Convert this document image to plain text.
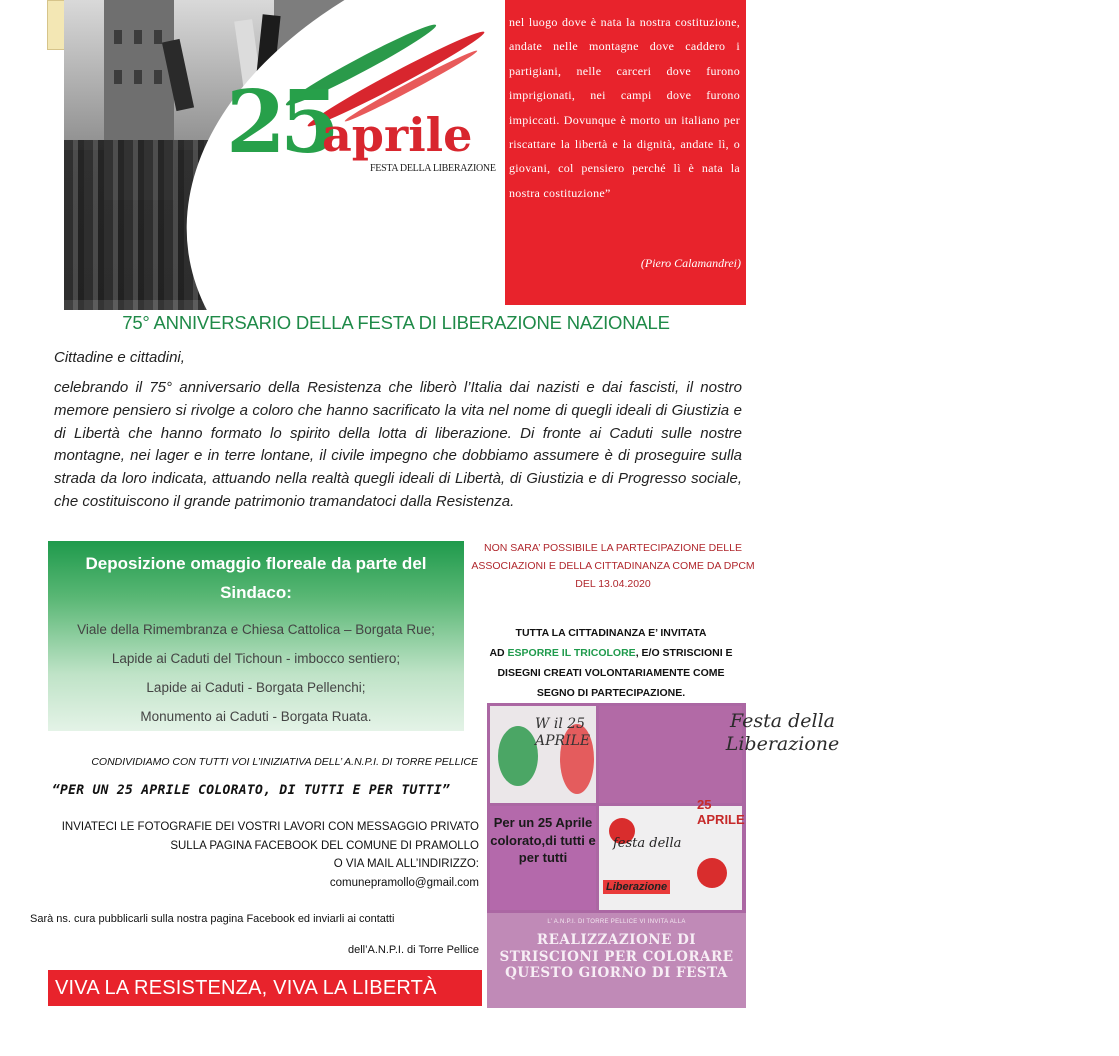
25
aprile
FESTA DELLA LIBERAZIONE
nel luogo dove è nata la nostra costituzione, andate nelle montagne dove caddero i partigiani, nelle carceri dove furono imprigionati, nei campi dove furono impiccati. Dovunque è morto un italiano per riscattare la libertà e la dignità, andate lì, o giovani, col pensiero perché lì è nata la nostra costituzione”
(Piero Calamandrei)
75° ANNIVERSARIO DELLA FESTA DI LIBERAZIONE NAZIONALE
Cittadine e cittadini,
celebrando il 75° anniversario della Resistenza che liberò l’Italia dai nazisti e dai fascisti, il nostro memore pensiero si rivolge a coloro che hanno sacrificato la vita nel nome di quegli ideali di Giustizia e di Libertà che hanno formato lo spirito della lotta di liberazione. Di fronte ai Caduti sulle nostre montagne, nei lager e in terre lontane, il civile impegno che dobbiamo assumere è di proseguire sulla strada da loro indicata, attuando nella realtà quegli ideali di Libertà, di Giustizia e di Progresso sociale, che costituiscono il grande patrimonio tramandatoci dalla Resistenza.
Deposizione omaggio floreale da parte del Sindaco:
Viale della Rimembranza e Chiesa Cattolica – Borgata Rue;
Lapide ai Caduti del Tichoun - imbocco sentiero;
Lapide ai Caduti - Borgata Pellenchi;
Monumento ai Caduti - Borgata Ruata.
NON SARA’ POSSIBILE LA PARTECIPAZIONE DELLE ASSOCIAZIONI E DELLA CITTADINANZA COME DA DPCM DEL 13.04.2020
TUTTA LA CITTADINANZA E’ INVITATA
AD ESPORRE IL TRICOLORE, E/O STRISCIONI E
DISEGNI CREATI VOLONTARIAMENTE COME
SEGNO DI PARTECIPAZIONE.
CONDIVIDIAMO CON TUTTI VOI L’INIZIATIVA DELL’ A.N.P.I. DI TORRE PELLICE
“PER UN 25 APRILE COLORATO, DI TUTTI E PER TUTTI”
INVIATECI LE FOTOGRAFIE DEI VOSTRI LAVORI CON MESSAGGIO PRIVATO
SULLA PAGINA FACEBOOK DEL COMUNE DI PRAMOLLO
O VIA MAIL ALL’INDIRIZZO:
comunepramollo@gmail.com
Sarà ns. cura pubblicarli sulla nostra pagina Facebook ed inviarli ai contatti
dell’A.N.P.I. di Torre Pellice
VIVA LA RESISTENZA, VIVA LA LIBERTÀ
W il 25 APRILE
Festa della Liberazione
Per un 25 Aprile colorato,di tutti e per tutti
25 APRILE
festa della
Liberazione
L’ A.N.P.I. DI TORRE PELLICE VI INVITA ALLA
REALIZZAZIONE DI STRISCIONI PER COLORARE QUESTO GIORNO DI FESTA
